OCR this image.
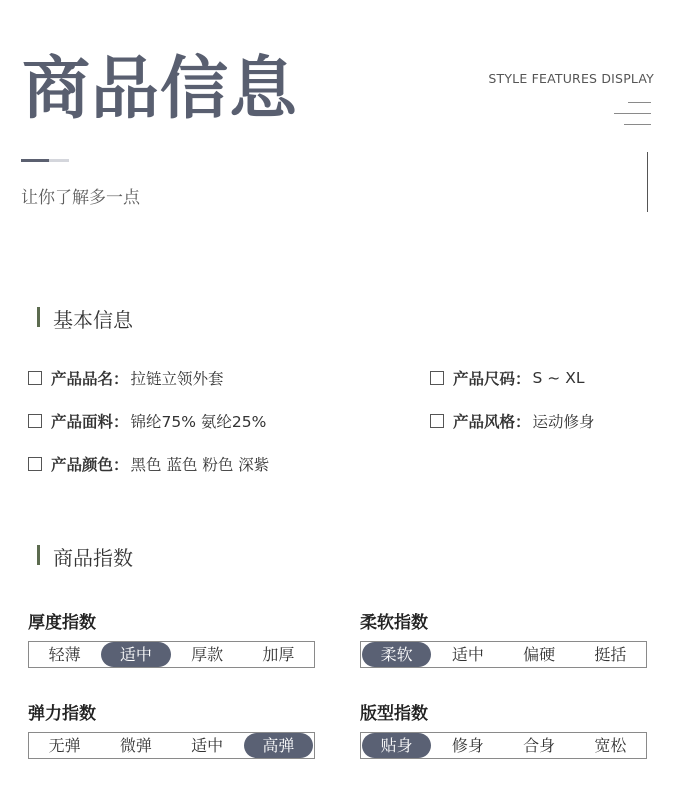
商品信息	STYLE FEATURES DISPLAY
让你了解多一点
基本信息
产品品名： 拉链立领外套	产品尺码： S ~ XL
产品面料： 锦纶75% 氨纶25%	产品风格： 运动修身
产品颜色： 黑色 蓝色 粉色 深紫
商品指数
厚度指数
轻薄	适中	厚款	加厚
柔软指数
柔软	适中	偏硬	挺括
弹力指数
无弹	微弹	适中	高弹
版型指数
贴身	修身	合身	宽松
